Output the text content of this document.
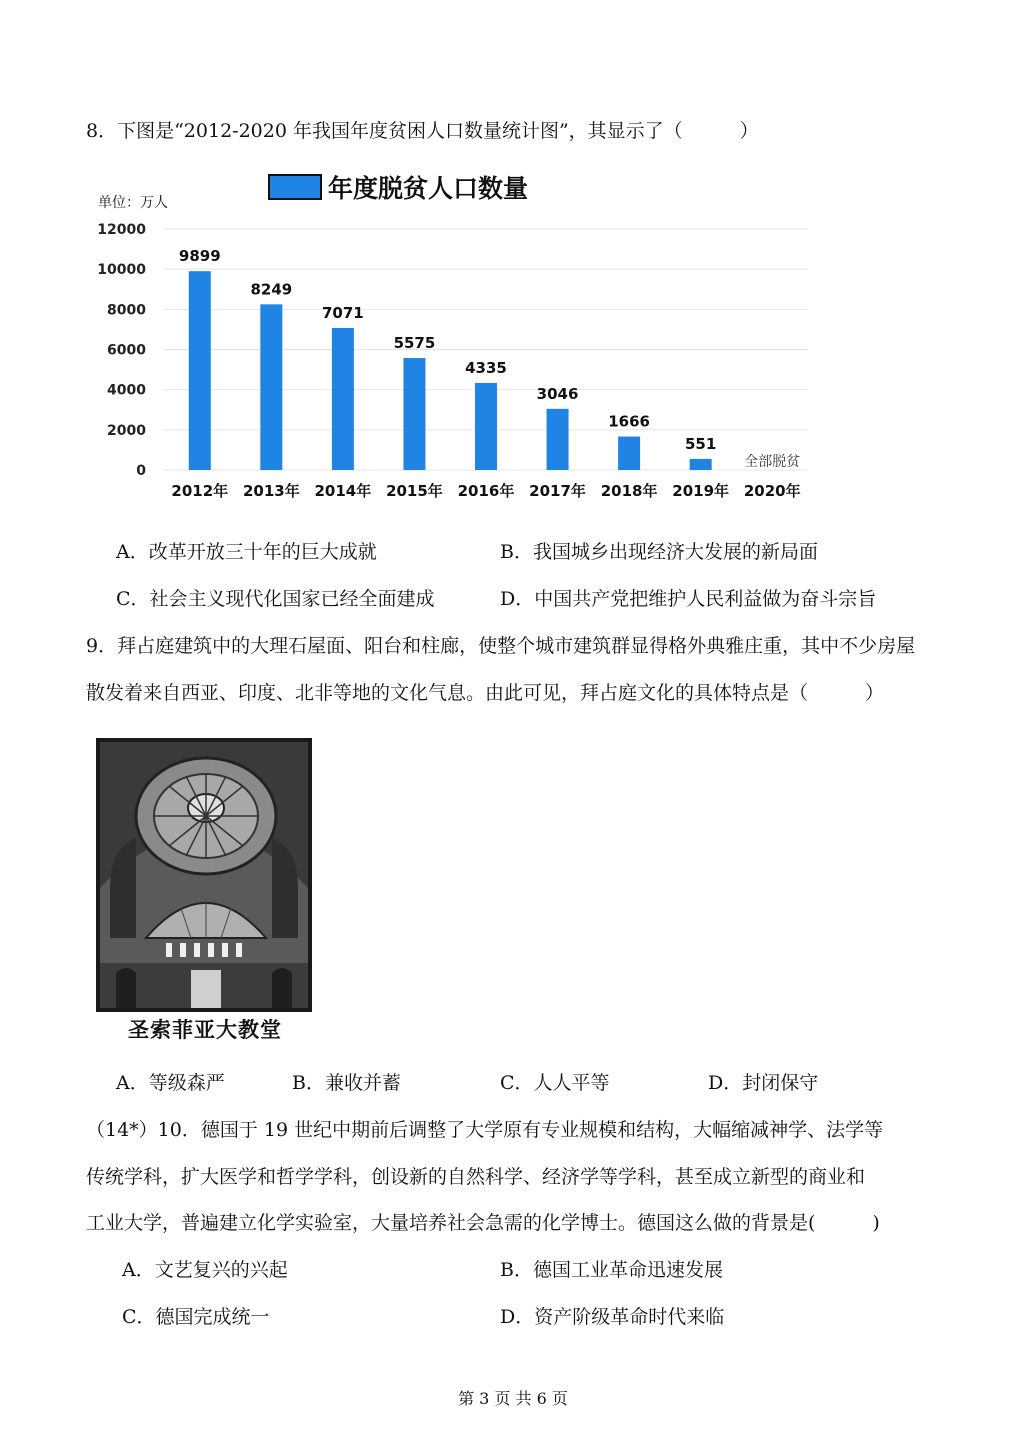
8．下图是“2012-2020 年我国年度贫困人口数量统计图”，其显示了（　　　）
年度脱贫人口数量
单位：万人
0
2000
4000
6000
8000
10000
12000
9899
2012年
8249
2013年
7071
2014年
5575
2015年
4335
2016年
3046
2017年
1666
2018年
551
2019年 2020年
全部脱贫
A．改革开放三十年的巨大成就	B．我国城乡出现经济大发展的新局面
C．社会主义现代化国家已经全面建成	D．中国共产党把维护人民利益做为奋斗宗旨
9．拜占庭建筑中的大理石屋面、阳台和柱廊，使整个城市建筑群显得格外典雅庄重，其中不少房屋
散发着来自西亚、印度、北非等地的文化气息。由此可见，拜占庭文化的具体特点是（　　　）
圣索菲亚大教堂
A．等级森严	B．兼收并蓄	C．人人平等	D．封闭保守
（14*）10．德国于 19 世纪中期前后调整了大学原有专业规模和结构，大幅缩减神学、法学等
传统学科，扩大医学和哲学学科，创设新的自然科学、经济学等学科，甚至成立新型的商业和
工业大学，普遍建立化学实验室，大量培养社会急需的化学博士。德国这么做的背景是(　　　)
A．文艺复兴的兴起	B．德国工业革命迅速发展
C．德国完成统一	D．资产阶级革命时代来临
第 3 页 共 6 页
